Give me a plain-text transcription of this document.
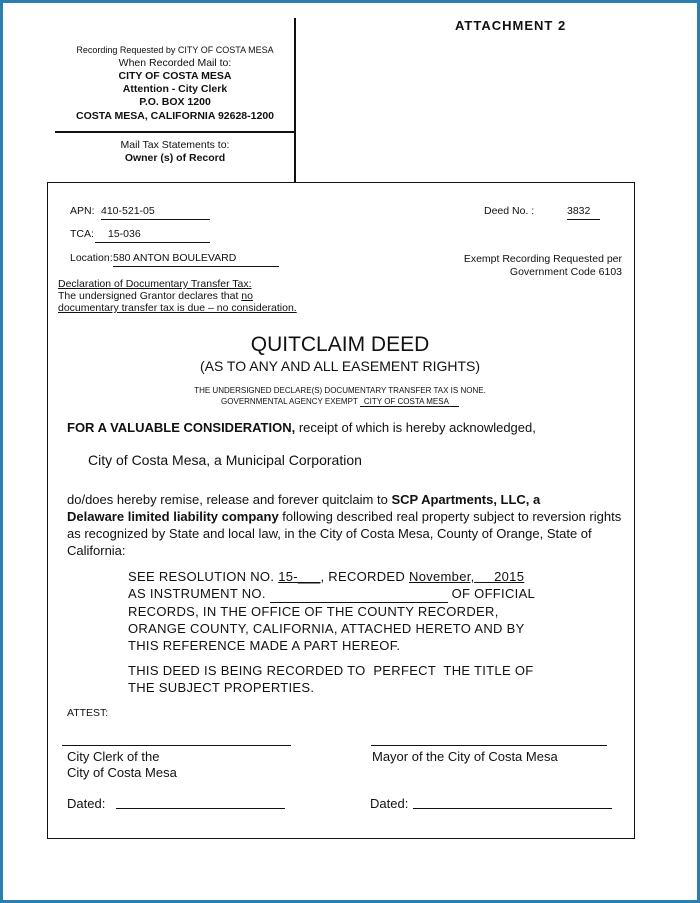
ATTACHMENT 2
Recording Requested by CITY OF COSTA MESA
When Recorded Mail to:
CITY OF COSTA MESA
Attention - City Clerk
P.O. BOX 1200
COSTA MESA, CALIFORNIA 92628-1200
Mail Tax Statements to:
Owner (s) of Record
APN: 410-521-05
TCA:	15-036
Location: 580 ANTON BOULEVARD
Deed No. :	3832
Exempt Recording Requested per
Government Code 6103
Declaration of Documentary Transfer Tax:
The undersigned Grantor declares that no
documentary transfer tax is due – no consideration.
QUITCLAIM DEED
(AS TO ANY AND ALL EASEMENT RIGHTS)
THE UNDERSIGNED DECLARE(S) DOCUMENTARY TRANSFER TAX IS NONE.
GOVERNMENTAL AGENCY EXEMPT CITY OF COSTA MESA
FOR A VALUABLE CONSIDERATION, receipt of which is hereby acknowledged,
City of Costa Mesa, a Municipal Corporation
do/does hereby remise, release and forever quitclaim to SCP Apartments, LLC, a
Delaware limited liability company following described real property subject to reversion rights as recognized by State and local law, in the City of Costa Mesa, County of Orange, State of California:
SEE RESOLUTION NO. 15-___, RECORDED November,     2015
AS INSTRUMENT NO.	OF OFFICIAL
RECORDS, IN THE OFFICE OF THE COUNTY RECORDER,
ORANGE COUNTY, CALIFORNIA, ATTACHED HERETO AND BY
THIS REFERENCE MADE A PART HEREOF.
THIS DEED IS BEING RECORDED TO  PERFECT  THE TITLE OF
THE SUBJECT PROPERTIES.
ATTEST:
City Clerk of the
City of Costa Mesa
Mayor of the City of Costa Mesa
Dated:	Dated:
